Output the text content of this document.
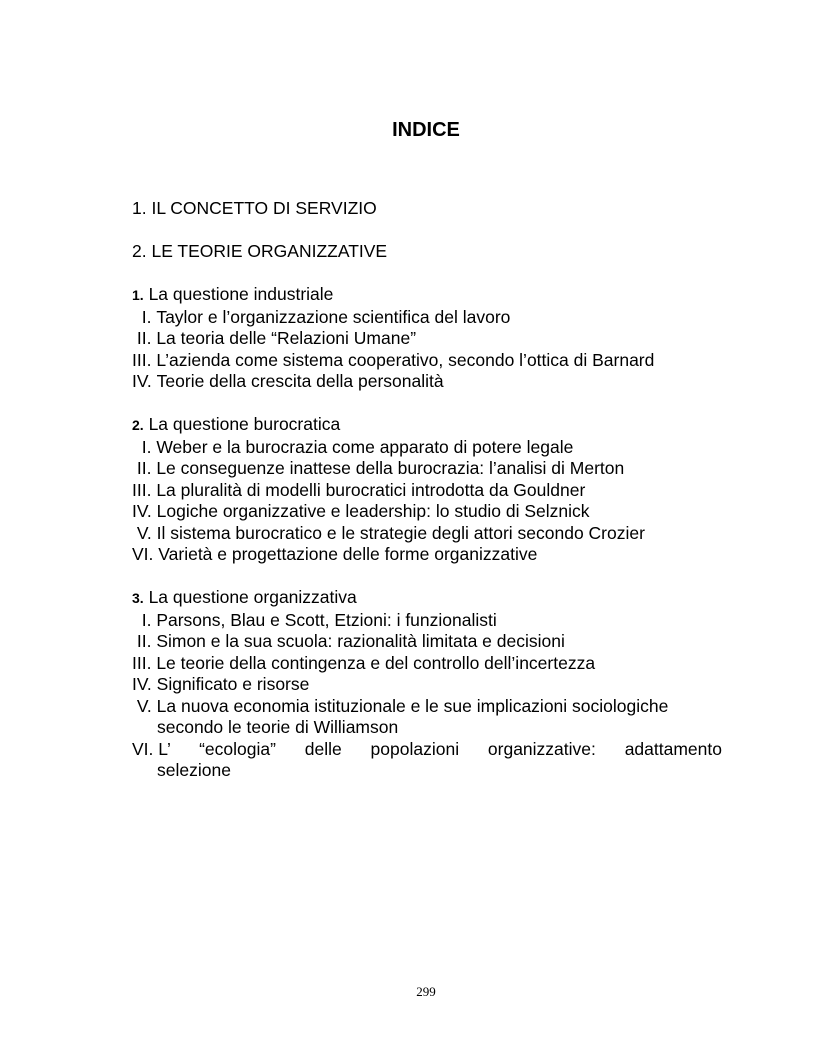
INDICE
1. IL CONCETTO DI SERVIZIO
2. LE TEORIE ORGANIZZATIVE
1. La questione industriale
I. Taylor e l’organizzazione scientifica del lavoro
II. La teoria delle “Relazioni Umane”
III. L’azienda come sistema cooperativo, secondo l’ottica di Barnard
IV. Teorie della crescita della personalità
2. La questione burocratica
I. Weber e la burocrazia come apparato di potere legale
II. Le conseguenze inattese della burocrazia: l’analisi di Merton
III. La pluralità di modelli burocratici introdotta da Gouldner
IV. Logiche organizzative e leadership: lo studio di Selznick
V. Il sistema burocratico e le strategie degli attori secondo Crozier
VI. Varietà e progettazione delle forme organizzative
3. La questione organizzativa
I. Parsons, Blau e Scott, Etzioni: i funzionalisti
II. Simon e la sua scuola: razionalità limitata e decisioni
III. Le teorie della contingenza e del controllo dell’incertezza
IV. Significato e risorse
V. La nuova economia istituzionale e le sue implicazioni sociologiche
secondo le teorie di Williamson
VI. L’ “ecologia” delle popolazioni organizzative: adattamento
selezione
299
